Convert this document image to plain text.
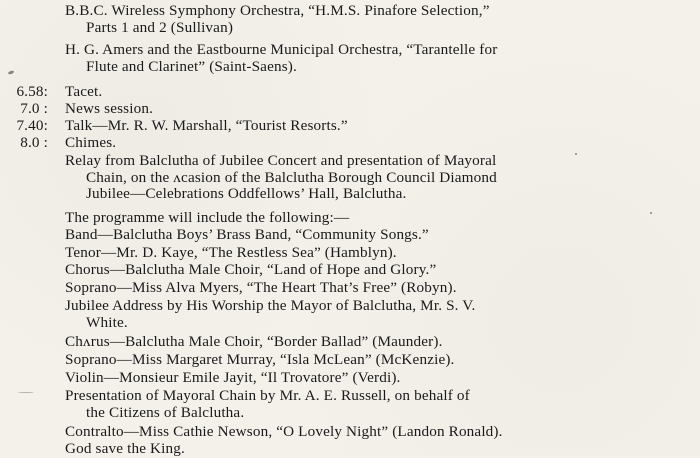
B.B.C. Wireless Symphony Orchestra, “H.M.S. Pinafore Selection,”
Parts 1 and 2 (Sullivan)
H. G. Amers and the Eastbourne Municipal Orchestra, “Tarantelle for
Flute and Clarinet” (Saint-Saens).
6.58: Tacet.
7.0 : News session.
7.40: Talk—Mr. R. W. Marshall, “Tourist Resorts.”
8.0 : Chimes.
Relay from Balclutha of Jubilee Concert and presentation of Mayoral
Chain, on the ʌcasion of the Balclutha Borough Council Diamond
Jubilee—Celebrations Oddfellows’ Hall, Balclutha.
The programme will include the following:—
Band—Balclutha Boys’ Brass Band, “Community Songs.”
Tenor—Mr. D. Kaye, “The Restless Sea” (Hamblyn).
Chorus—Balclutha Male Choir, “Land of Hope and Glory.”
Soprano—Miss Alva Myers, “The Heart That’s Free” (Robyn).
Jubilee Address by His Worship the Mayor of Balclutha, Mr. S. V.
White.
Chʌrus—Balclutha Male Choir, “Border Ballad” (Maunder).
Soprano—Miss Margaret Murray, “Isla McLean” (McKenzie).
Violin—Monsieur Emile Jayit, “Il Trovatore” (Verdi).
Presentation of Mayoral Chain by Mr. A. E. Russell, on behalf of
the Citizens of Balclutha.
Contralto—Miss Cathie Newson, “O Lovely Night” (Landon Ronald).
God save the King.
